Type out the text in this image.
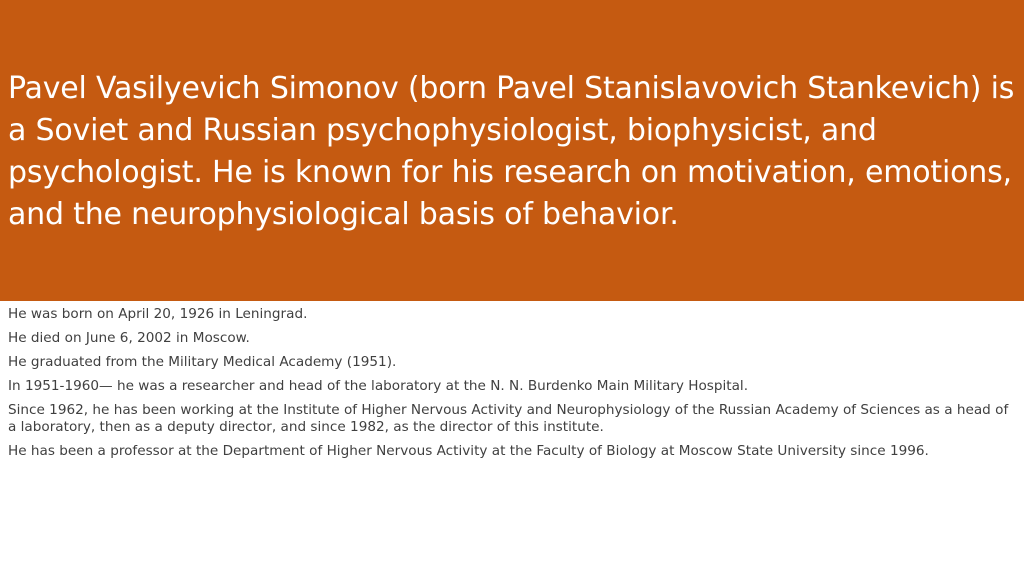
Pavel Vasilyevich Simonov (born Pavel Stanislavovich Stankevich) is a Soviet and Russian psychophysiologist, biophysicist, and psychologist. He is known for his research on motivation, emotions, and the neurophysiological basis of behavior.

He was born on April 20, 1926 in Leningrad.

He died on June 6, 2002 in Moscow.

He graduated from the Military Medical Academy (1951).

In 1951-1960— he was a researcher and head of the laboratory at the N. N. Burdenko Main Military Hospital.

Since 1962, he has been working at the Institute of Higher Nervous Activity and Neurophysiology of the Russian Academy of Sciences as a head of a laboratory, then as a deputy director, and since 1982, as the director of this institute.

He has been a professor at the Department of Higher Nervous Activity at the Faculty of Biology at Moscow State University since 1996.
